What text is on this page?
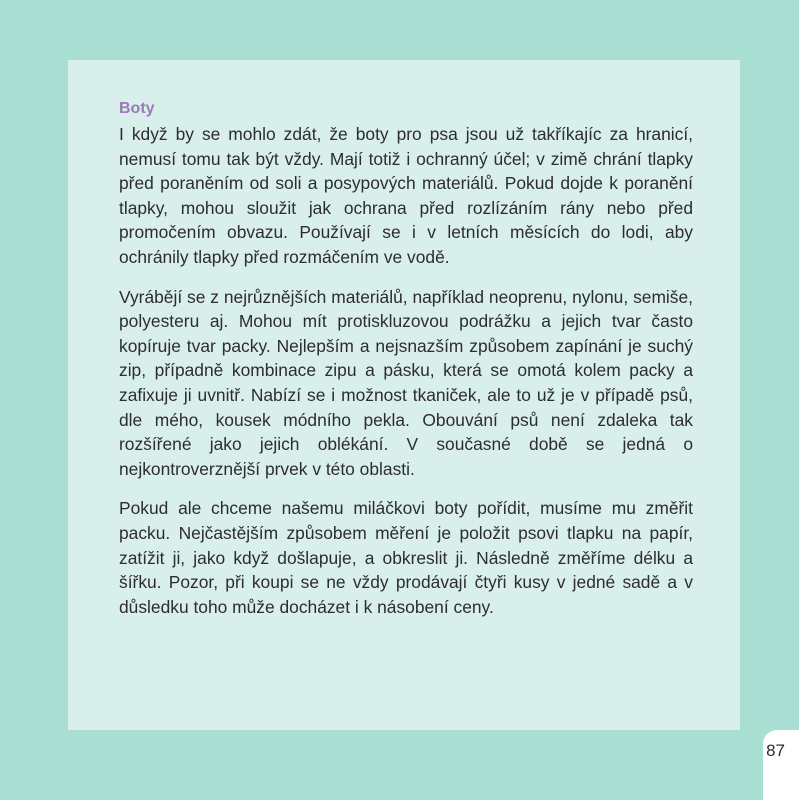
Boty

I když by se mohlo zdát, že boty pro psa jsou už takříkajíc za hranicí, nemusí tomu tak být vždy. Mají totiž i ochranný účel; v zimě chrání tlapky před poraněním od soli a posypových materiálů. Pokud dojde k poranění tlapky, mohou sloužit jak ochrana před rozlízáním rány nebo před promočením obvazu. Používají se i v letních měsících do lodi, aby ochránily tlapky před rozmáčením ve vodě.

Vyrábějí se z nejrůznějších materiálů, například neoprenu, nylonu, semiše, polyesteru aj. Mohou mít protiskluzovou podrážku a jejich tvar často kopíruje tvar packy. Nejlepším a nejsnazším způsobem zapínání je suchý zip, případně kombinace zipu a pásku, která se omotá kolem packy a zafixuje ji uvnitř. Nabízí se i možnost tkaniček, ale to už je v případě psů, dle mého, kousek módního pekla. Obouvání psů není zdaleka tak rozšířené jako jejich oblékání. V současné době se jedná o nejkontroverznější prvek v této oblasti.

Pokud ale chceme našemu miláčkovi boty pořídit, musíme mu změřit packu. Nejčastějším způsobem měření je položit psovi tlapku na papír, zatížit ji, jako když došlapuje, a obkreslit ji. Následně změříme délku a šířku. Pozor, při koupi se ne vždy prodávají čtyři kusy v jedné sadě a v důsledku toho může docházet i k násobení ceny.

87
